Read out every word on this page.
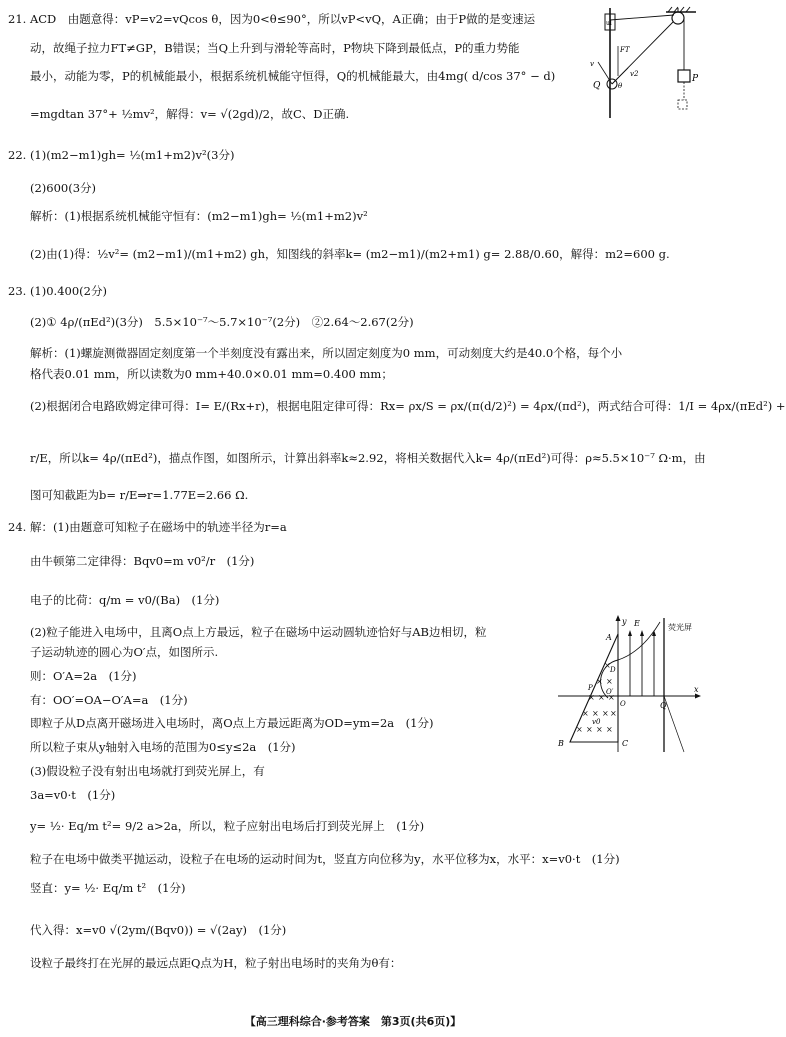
21. ACD　由题意得：vP=v2=vQcos θ，因为0<θ≤90°，所以vP<vQ，A正确；由于P做的是变速运
动，故绳子拉力FT≠GP，B错误；当Q上升到与滑轮等高时，P物块下降到最低点，P的重力势能
最小，动能为零，P的机械能最小，根据系统机械能守恒得，Q的机械能最大，由4mg( d/cos 37° − d)
=mgdtan 37°+ ½mv²，解得：v= √(2gd)/2，故C、D正确.
22. (1)(m2−m1)gh= ½(m1+m2)v²(3分)
(2)600(3分)
解析：(1)根据系统机械能守恒有：(m2−m1)gh= ½(m1+m2)v²
(2)由(1)得：½v²= (m2−m1)/(m1+m2) gh，知图线的斜率k= (m2−m1)/(m2+m1) g= 2.88/0.60，解得：m2=600 g.
23. (1)0.400(2分)
(2)① 4ρ/(πEd²)(3分)　5.5×10⁻⁷～5.7×10⁻⁷(2分)　②2.64～2.67(2分)
解析：(1)螺旋测微器固定刻度第一个半刻度没有露出来，所以固定刻度为0 mm，可动刻度大约是40.0个格，每个小
格代表0.01 mm，所以读数为0 mm+40.0×0.01 mm=0.400 mm；
(2)根据闭合电路欧姆定律可得：I= E/(Rx+r)，根据电阻定律可得：Rx= ρx/S = ρx/(π(d/2)²) = 4ρx/(πd²)，两式结合可得：1/I = 4ρx/(πEd²) +
r/E，所以k= 4ρ/(πEd²)，描点作图，如图所示，计算出斜率k≈2.92，将相关数据代入k= 4ρ/(πEd²)可得：ρ≈5.5×10⁻⁷ Ω·m，由
图可知截距为b= r/E⇒r=1.77E=2.66 Ω.
24. 解：(1)由题意可知粒子在磁场中的轨迹半径为r=a
由牛顿第二定律得：Bqv0=m v0²/r　(1分)
电子的比荷：q/m = v0/(Ba)　(1分)
(2)粒子能进入电场中，且离O点上方最远，粒子在磁场中运动圆轨迹恰好与AB边相切，粒
子运动轨迹的圆心为O′点，如图所示.
则：O′A=2a　(1分)
有：OO′=OA−O′A=a　(1分)
即粒子从D点离开磁场进入电场时，离O点上方最远距离为OD=ym=2a　(1分)
所以粒子束从y轴射入电场的范围为0≤y≤2a　(1分)
(3)假设粒子没有射出电场就打到荧光屏上，有
3a=v0·t　(1分)
y= ½· Eq/m t²= 9/2 a>2a，所以，粒子应射出电场后打到荧光屏上　(1分)
粒子在电场中做类平抛运动，设粒子在电场的运动时间为t，竖直方向位移为y，水平位移为x，水平：x=v0·t　(1分)
竖直：y= ½· Eq/m t²　(1分)
代入得：x=v0 √(2ym/(Bqv0)) = √(2ay)　(1分)
设粒子最终打在光屏的最远点距Q点为H，粒子射出电场时的夹角为θ有：
ul
Q
FT
v
v2
θ
P
y
x
A
B	C
×
× ×
× × ×
× × × ×
× × × ×
D
O′
O
P
v0
E	荧光屏
Q
【高三理科综合·参考答案　第3页(共6页)】
